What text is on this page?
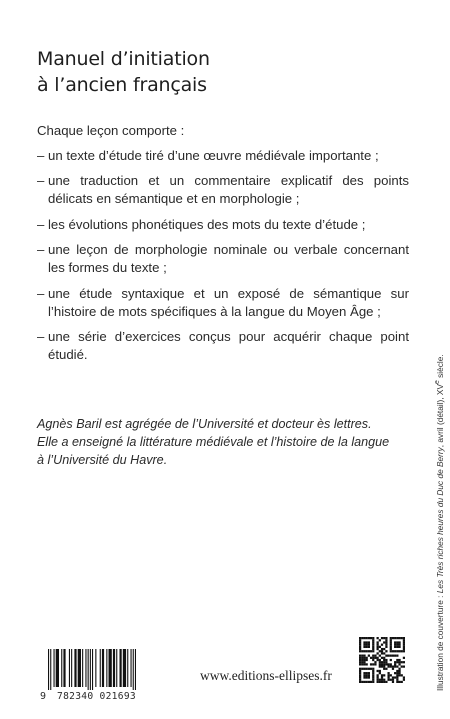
Manuel d’initiation
à l’ancien français
Chaque leçon comporte :
– un texte d’étude tiré d’une œuvre médiévale importante ;
– une traduction et un commentaire explicatif des points délicats en sémantique et en morphologie ;
– les évolutions phonétiques des mots du texte d’étude ;
– une leçon de morphologie nominale ou verbale concernant les formes du texte ;
– une étude syntaxique et un exposé de sémantique sur l’histoire de mots spécifiques à la langue du Moyen Âge ;
– une série d’exercices conçus pour acquérir chaque point étudié.
Agnès Baril est agrégée de l’Université et docteur ès lettres.
Elle a enseigné la littérature médiévale et l’histoire de la langue
à l’Université du Havre.
Illustration de couverture : Les Très riches heures du Duc de Berry, avril (détail), XVe siècle.
9 782340 021693
www.editions-ellipses.fr
